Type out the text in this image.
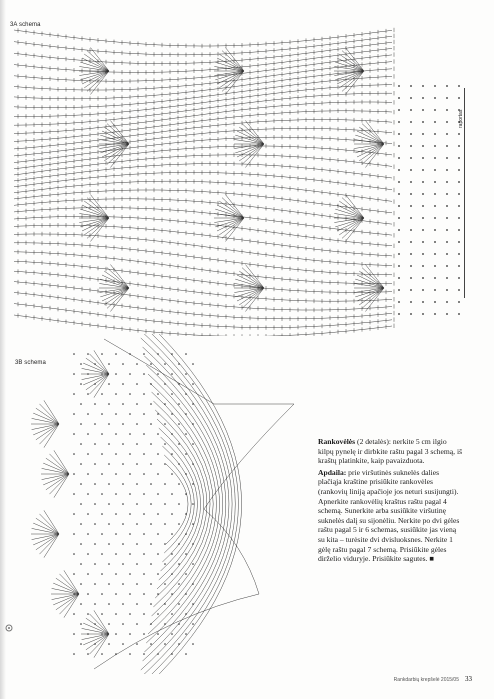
3A schema
raportas
3B schema

Rankovėlės (2 detalės): nerkite 5 cm ilgio kilpų pynelę ir dirbkite raštu pagal 3 schemą, iš kraštų platinkite, kaip pavaizduota.

Apdaila: prie viršutinės suknelės dalies plačiąja kraštine prisiūkite rankovėles (rankovių liniją apačioje jos neturi susijungti). Apnerkite rankovėlių kraštus raštu pagal 4 schemą. Sunerkite arba susiūkite viršutinę suknelės dalį su sijonėliu. Nerkite po dvi gėles raštu pagal 5 ir 6 schemas, susiūkite jas vieną su kita – turėsite dvi dvisluoksnes. Nerkite 1 gėlę raštu pagal 7 schemą. Prisiūkite gėles dirželio viduryje. Prisiūkite sagutes. ■

Rankdarbių krepšelė 2015/05 33
